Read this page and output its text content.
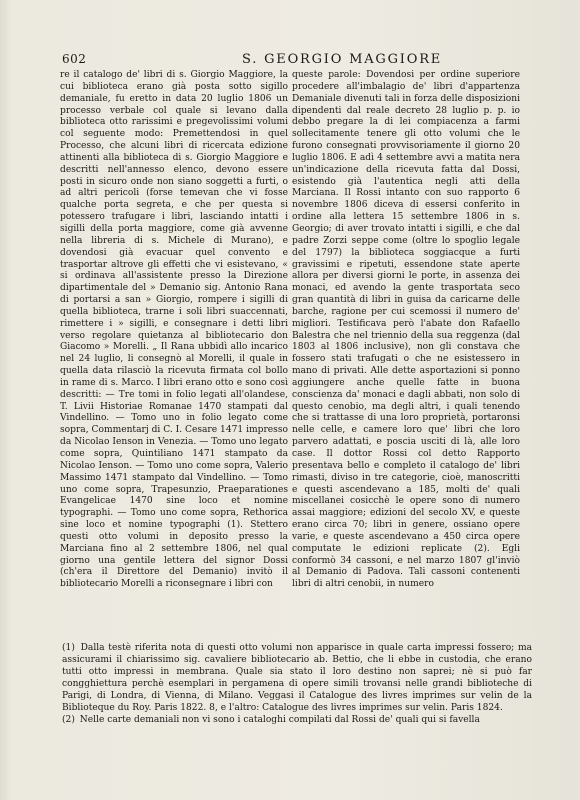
602	S. GEORGIO MAGGIORE

re il catalogo de' libri di s. Giorgio Maggiore, la cui biblioteca erano già posta sotto sigillo demaniale, fu eretto in data 20 luglio 1806 un processo verbale col quale si levano dalla biblioteca otto rarissimi e pregevolissimi volumi col seguente modo: Premettendosi in quel Processo, che alcuni libri di ricercata edizione attinenti alla biblioteca di s. Giorgio Maggiore e descritti nell'annesso elenco, devono essere posti in sicuro onde non siano soggetti a furti, o ad altri pericoli (forse temevan che vi fosse qualche porta segreta, e che per questa si potessero trafugare i libri, lasciando intatti i sigilli della porta maggiore, come già avvenne nella libreria di s. Michele di Murano), e dovendosi già evacuar quel convento e trasportar altrove gli effetti che vi esistevano, « si ordinava all'assistente presso la Direzione dipartimentale del » Demanio sig. Antonio Rana di portarsi a san » Giorgio, rompere i sigilli di quella biblioteca, trarne i soli libri suaccennati, rimettere i » sigilli, e consegnare i detti libri verso regolare quietanza al bibliotecario don Giacomo » Morelli. „ Il Rana ubbidì allo incarico nel 24 luglio, li consegnò al Morelli, il quale in quella data rilasciò la ricevuta firmata col bollo in rame di s. Marco. I libri erano otto e sono così descritti: — Tre tomi in folio legati all'olandese, T. Livii Historiae Romanae 1470 stampati dal Vindellino. — Tomo uno in folio legato come sopra, Commentarj di C. I. Cesare 1471 impresso da Nicolao Ienson in Venezia. — Tomo uno legato come sopra, Quintiliano 1471 stampato da Nicolao Ienson. — Tomo uno come sopra, Valerio Massimo 1471 stampato dal Vindellino. — Tomo uno come sopra, Trapesunzio, Praeparationes Evangelicae 1470 sine loco et nomine typographi. — Tomo uno come sopra, Rethorica sine loco et nomine typographi (1). Stettero questi otto volumi in deposito presso la Marciana fino al 2 settembre 1806, nel qual giorno una gentile lettera del signor Dossi (ch'era il Direttore del Demanio) invitò il bibliotecario Morelli a riconsegnare i libri con

queste parole: Dovendosi per ordine superiore procedere all'imbalagio de' libri d'appartenza Demaniale divenuti tali in forza delle disposizioni dipendenti dal reale decreto 28 luglio p. p. io debbo pregare la di lei compiacenza a farmi sollecitamente tenere gli otto volumi che le furono consegnati provvisoriamente il giorno 20 luglio 1806. E adì 4 settembre avvi a matita nera un'indicazione della ricevuta fatta dal Dossi, esistendo già l'autentica negli atti della Marciana. Il Rossi intanto con suo rapporto 6 novembre 1806 diceva di essersi conferito in ordine alla lettera 15 settembre 1806 in s. Georgio; di aver trovato intatti i sigilli, e che dal padre Zorzi seppe come (oltre lo spoglio legale del 1797) la biblioteca soggiacque a furti gravissimi e ripetuti, essendone state aperte allora per diversi giorni le porte, in assenza dei monaci, ed avendo la gente trasportata seco gran quantità di libri in guisa da caricarne delle barche, ragione per cui scemossi il numero de' migliori. Testificava però l'abate don Rafaello Balestra che nel triennio della sua reggenza (dal 1803 al 1806 inclusive), non gli constava che fossero stati trafugati o che ne esistessero in mano di privati. Alle dette asportazioni si ponno aggiungere anche quelle fatte in buona conscienza da' monaci e dagli abbati, non solo di questo cenobio, ma degli altri, i quali tenendo che si trattasse di una loro proprietà, portaronsi nelle celle, e camere loro que' libri che loro parvero adattati, e poscia usciti di là, alle loro case. Il dottor Rossi col detto Rapporto presentava bello e completo il catalogo de' libri rimasti, diviso in tre categorie, cioè, manoscritti e questi ascendevano a 185, molti de' quali miscellanei cosicchè le opere sono di numero assai maggiore; edizioni del secolo XV, e queste erano circa 70; libri in genere, ossiano opere varie, e queste ascendevano a 450 circa opere computate le edizioni replicate (2). Egli conformò 34 cassoni, e nel marzo 1807 gl'inviò al Demanio di Padova. Tali cassoni contenenti libri di altri cenobii, in numero

(1) Dalla testè riferita nota di questi otto volumi non apparisce in quale carta impressi fossero; ma assicurami il chiarissimo sig. cavaliere bibliotecario ab. Bettio, che li ebbe in custodia, che erano tutti otto impressi in membrana. Quale sia stato il loro destino non saprei; nè si può far congghiettura perchè esemplari in pergamena di opere simili trovansi nelle grandi biblioteche di Parigi, di Londra, di Vienna, di Milano. Veggasi il Catalogue des livres imprimes sur velin de la Biblioteque du Roy. Paris 1822. 8, e l'altro: Catalogue des livres imprimes sur velin. Paris 1824.

(2) Nelle carte demaniali non vi sono i cataloghi compilati dal Rossi de' quali qui si favella
